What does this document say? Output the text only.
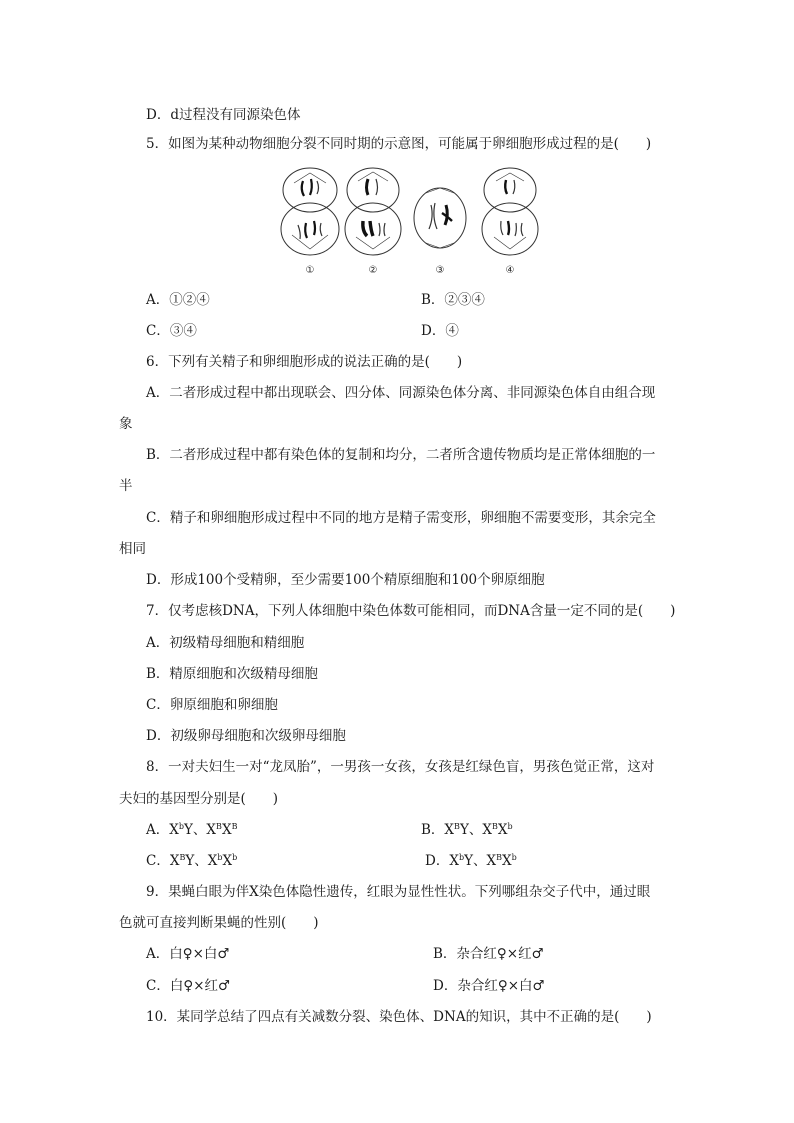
D．d过程没有同源染色体
5．如图为某种动物细胞分裂不同时期的示意图，可能属于卵细胞形成过程的是(　　)
①	②	③	④
A．①②④	B．②③④
C．③④	D．④
6．下列有关精子和卵细胞形成的说法正确的是(　　)
A．二者形成过程中都出现联会、四分体、同源染色体分离、非同源染色体自由组合现
象
B．二者形成过程中都有染色体的复制和均分，二者所含遗传物质均是正常体细胞的一
半
C．精子和卵细胞形成过程中不同的地方是精子需变形，卵细胞不需要变形，其余完全
相同
D．形成100个受精卵，至少需要100个精原细胞和100个卵原细胞
7．仅考虑核DNA，下列人体细胞中染色体数可能相同，而DNA含量一定不同的是(　　)
A．初级精母细胞和精细胞
B．精原细胞和次级精母细胞
C．卵原细胞和卵细胞
D．初级卵母细胞和次级卵母细胞
8．一对夫妇生一对“龙凤胎”，一男孩一女孩，女孩是红绿色盲，男孩色觉正常，这对
夫妇的基因型分别是(　　)
A．$X^bY$、$X^BX^B$	B．$X^BY$、$X^BX^b$
C．$X^BY$、$X^bX^b$	D．$X^bY$、$X^BX^b$
9．果蝇白眼为伴X染色体隐性遗传，红眼为显性性状。下列哪组杂交子代中，通过眼
色就可直接判断果蝇的性别(　　)
A．白♀×白♂	B．杂合红♀×红♂
C．白♀×红♂	D．杂合红♀×白♂
10．某同学总结了四点有关减数分裂、染色体、DNA的知识，其中不正确的是(　　)
